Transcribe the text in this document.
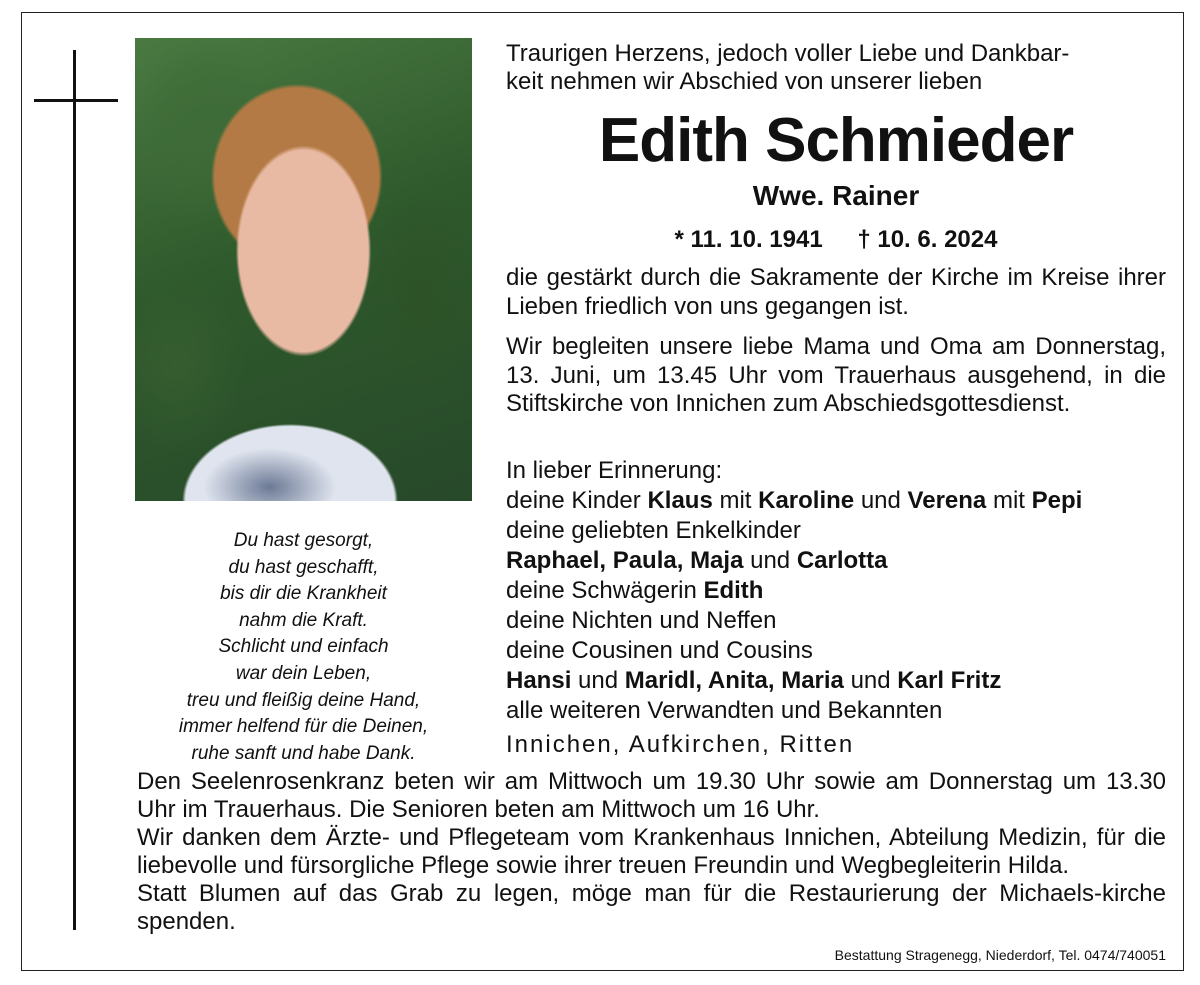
Du hast gesorgt,
du hast geschafft,
bis dir die Krankheit
nahm die Kraft.
Schlicht und einfach
war dein Leben,
treu und fleißig deine Hand,
immer helfend für die Deinen,
ruhe sanft und habe Dank.
Traurigen Herzens, jedoch voller Liebe und Dankbar-
keit nehmen wir Abschied von unserer lieben
Edith Schmieder
Wwe. Rainer
* 11. 10. 1941 † 10. 6. 2024
die gestärkt durch die Sakramente der Kirche im Kreise ihrer Lieben friedlich von uns gegangen ist.
Wir begleiten unsere liebe Mama und Oma am Donnerstag, 13. Juni, um 13.45 Uhr vom Trauerhaus ausgehend, in die Stiftskirche von Innichen zum Abschiedsgottesdienst.
In lieber Erinnerung:
deine Kinder Klaus mit Karoline und Verena mit Pepi
deine geliebten Enkelkinder
Raphael, Paula, Maja und Carlotta
deine Schwägerin Edith
deine Nichten und Neffen
deine Cousinen und Cousins
Hansi und Maridl, Anita, Maria und Karl Fritz
alle weiteren Verwandten und Bekannten
Innichen, Aufkirchen, Ritten

Den Seelenrosenkranz beten wir am Mittwoch um 19.30 Uhr sowie am Donnerstag um 13.30 Uhr im Trauerhaus. Die Senioren beten am Mittwoch um 16 Uhr.

Wir danken dem Ärzte- und Pflegeteam vom Krankenhaus Innichen, Abteilung Medizin, für die liebevolle und fürsorgliche Pflege sowie ihrer treuen Freundin und Wegbegleiterin Hilda.

Statt Blumen auf das Grab zu legen, möge man für die Restaurierung der Michaels-kirche spenden.

Bestattung Stragenegg, Niederdorf, Tel. 0474/740051
